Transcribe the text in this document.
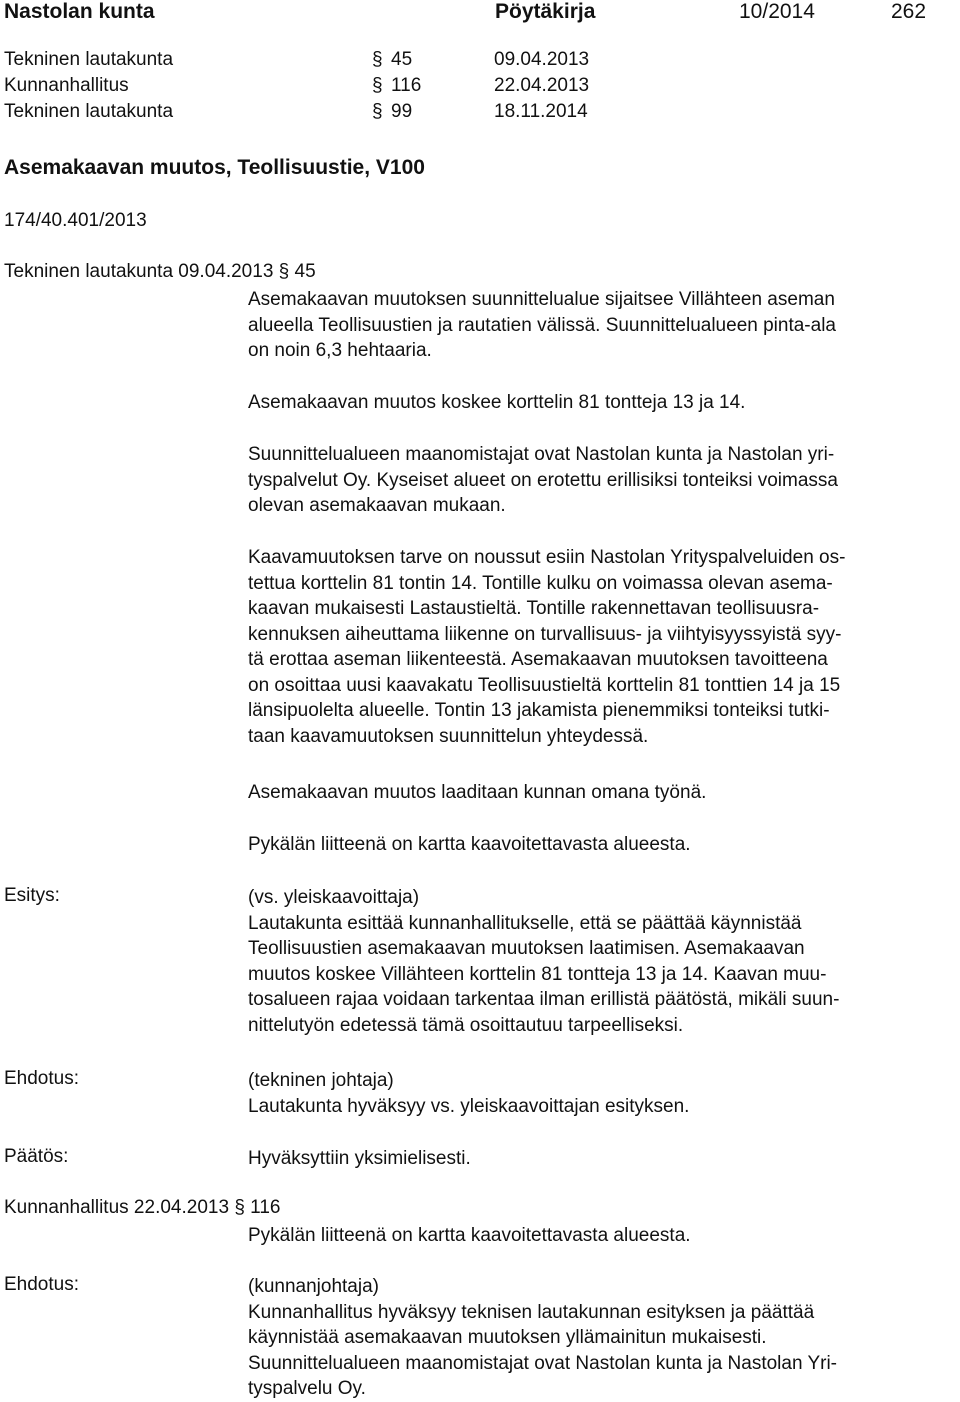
Nastolan kunta	Pöytäkirja	10/2014	262
Tekninen lautakunta	§ 45	09.04.2013
Kunnanhallitus	§ 116	22.04.2013
Tekninen lautakunta	§ 99	18.11.2014
Asemakaavan muutos, Teollisuustie, V100
174/40.401/2013
Tekninen lautakunta 09.04.2013 § 45

Asemakaavan muutoksen suunnittelualue sijaitsee Villähteen aseman

alueella Teollisuustien ja rautatien välissä. Suunnittelualueen pinta-ala

on noin 6,3 hehtaaria.

Asemakaavan muutos koskee korttelin 81 tontteja 13 ja 14.

Suunnittelualueen maanomistajat ovat Nastolan kunta ja Nastolan yri-

tyspalvelut Oy. Kyseiset alueet on erotettu erillisiksi tonteiksi voimassa

olevan asemakaavan mukaan.

Kaavamuutoksen tarve on noussut esiin Nastolan Yrityspalveluiden os-

tettua korttelin 81 tontin 14. Tontille kulku on voimassa olevan asema-

kaavan mukaisesti Lastaustieltä. Tontille rakennettavan teollisuusra-

kennuksen aiheuttama liikenne on turvallisuus- ja viihtyisyyssyistä syy-

tä erottaa aseman liikenteestä. Asemakaavan muutoksen tavoitteena

on osoittaa uusi kaavakatu Teollisuustieltä korttelin 81 tonttien 14 ja 15

länsipuolelta alueelle. Tontin 13 jakamista pienemmiksi tonteiksi tutki-

taan kaavamuutoksen suunnittelun yhteydessä.

Asemakaavan muutos laaditaan kunnan omana työnä.

Pykälän liitteenä on kartta kaavoitettavasta alueesta.

Esitys:	(vs. yleiskaavoittaja)

Lautakunta esittää kunnanhallitukselle, että se päättää käynnistää

Teollisuustien asemakaavan muutoksen laatimisen. Asemakaavan

muutos koskee Villähteen korttelin 81 tontteja 13 ja 14. Kaavan muu-

tosalueen rajaa voidaan tarkentaa ilman erillistä päätöstä, mikäli suun-

nittelutyön edetessä tämä osoittautuu tarpeelliseksi.

Ehdotus:	(tekninen johtaja)

Lautakunta hyväksyy vs. yleiskaavoittajan esityksen.

Päätös:	Hyväksyttiin yksimielisesti.

Kunnanhallitus 22.04.2013 § 116

Pykälän liitteenä on kartta kaavoitettavasta alueesta.

Ehdotus:	(kunnanjohtaja)

Kunnanhallitus hyväksyy teknisen lautakunnan esityksen ja päättää

käynnistää asemakaavan muutoksen yllämainitun mukaisesti.

Suunnittelualueen maanomistajat ovat Nastolan kunta ja Nastolan Yri-

tyspalvelu Oy.
